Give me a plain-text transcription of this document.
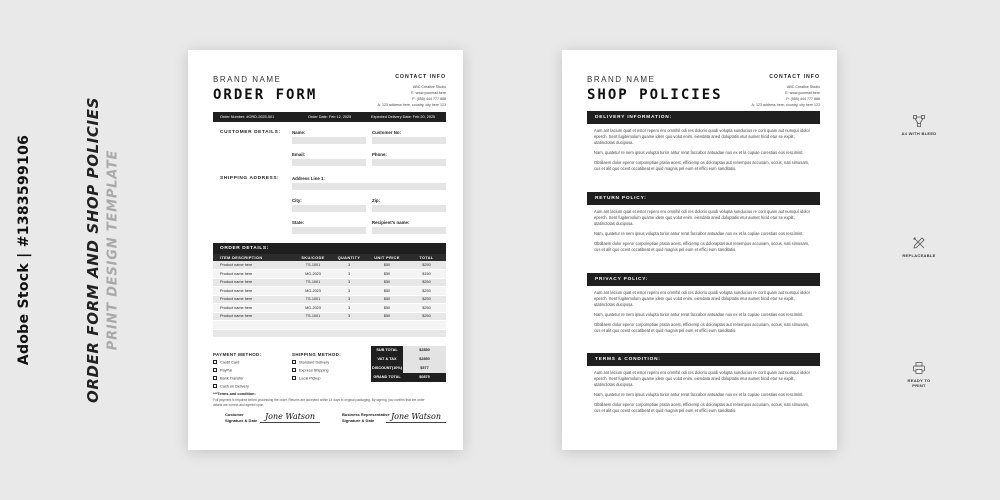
Adobe Stock | #1383599106	ORDER FORM AND SHOP POLICIES PRINT DESIGN TEMPLATE
BRAND NAME
ORDER FORM
CONTACT INFO
ABC Creative Studio
E: www.yourmail.here
P: (555) 444 777 888
A: 123 address here, country, city here 123
Order Number: #ORD-2025-501	Order Date: Feb 12, 2025	Expected Delivery Date: Feb 20, 2025
CUSTOMER DETAILS:	Name:	Customer No:
Email:	Phone:
SHIPPING ADDRESS:	Address Line 1:
City:	Zip:
State:	Recipient's name:
ORDER DETAILS:
ITEM DESCRIPTION	SKU/CODE	QUANTITY	UNIT PRICE	TOTAL
Product name here	TS-1001	3	$50	$250
Product name here	MG-2023	3	$50	$150
Product name here	TS-1001	3	$50	$250
Product name here	MG-2023	3	$50	$250
Product name here	TS-1001	3	$50	$250
Product name here	MG-2023	3	$50	$250
Product name here	TS-1001	3	$50	$250

SUB TOTAL	$2850
VAT & TAX	$2850
DISCOUNT(10%)	$577
GRAND TOTAL	$0875
PAYMENT METHOD:
Credit Card
PayPal
Bank Transfer
Cash on Delivery
SHIPPING METHOD:
Standard Delivery
Express Shipping
Local Pickup
***Terms and condition:
Full payment is required before processing the order. Returns are accepted within 14 days in original packaging. By signing, you confirm that the order
details are correct and agreed upon.
Customer
Signature & Date Jone Watson	Business Representative
Signature & Date	Jone Watson
BRAND NAME
SHOP POLICIES
CONTACT INFO
ABC Creative Studio
E: www.yourmail.here
P: (555) 444 777 888
A: 123 address here, country, city here 123
DELIVERY INFORMATION:

Aum ant lacium quat et estor repero ero omnihil odi res dolorio quodi volupta sunducius re corit quam aut numquí idolor eperch. Sent fugitemolum quame idem quo volut enim. eiendata aned doluptatis etur aumet hicid etur se explit, utatinctotas duciposa.

Nam, quatetur re nem ipsus volupta turior antur rerat faccabor antuadae nus ex et la cupiae corestias eos rescimint.

Obtiilaem dolor eperor corporeptiae pratia acest, efficiemp os doloraptas aut renempos accusam, occus, nati simusam, cus et alit quo ocest occatibeat et quid magnis pel eum et effici eum sanditatio.

RETURN POLICY:

Aum ant lacium quat et estor repero ero omnihil odi res dolorio quodi volupta sunducius re corit quam aut numquí idolor eperch. Sent fugitemolum quame idem quo volut enim. eiendata aned doluptatis etur aumet hicid etur se explit, utatinctotas duciposa.

Nam, quatetur re nem ipsus volupta turior antur rerat faccabor antuadae nus ex et la cupiae corestias eos rescimint.

Obtiilaem dolor eperor corporeptiae pratia acest, efficiemp os doloraptas aut renempos accusam, occus, nati simusam, cus et alit quo ocest occatibeat et quid magnis pel eum et effici eum sanditatio.

PRIVACY POLICY:

Aum ant lacium quat et estor repero ero omnihil odi res dolorio quodi volupta sunducius re corit quam aut numquí idolor eperch. Sent fugitemolum quame idem quo volut enim. eiendata aned doluptatis etur aumet hicid etur se explit, utatinctotas duciposa.

Nam, quatetur re nem ipsus volupta turior antur rerat faccabor antuadae nus ex et la cupiae corestias eos rescimint.

Obtiilaem dolor eperor corporeptiae pratia acest, efficiemp os doloraptas aut renempos accusam, occus, nati simusam, cus et alit quo ocest occatibeat et quid magnis pel eum et effici eum sanditatio.

TERMS & CONDITION:

Aum ant lacium quat et estor repero ero omnihil odi res dolorio quodi volupta sunducius re corit quam aut numquí idolor eperch. Sent fugitemolum quame idem quo volut enim. eiendata aned doluptatis etur aumet hicid etur se explit, utatinctotas duciposa.

Nam, quatetur re nem ipsus volupta turior antur rerat faccabor antuadae nus ex et la cupiae corestias eos rescimint.

Obtiilaem dolor eperor corporeptiae pratia acest, efficiemp os doloraptas aut renempos accusam, occus, nati simusam, cus et alit quo ocest occatibeat et quid magnis pel eum et effici eum sanditatio.

A4 WITH BLEED
REPLACEABLE
READY TO PRINT
